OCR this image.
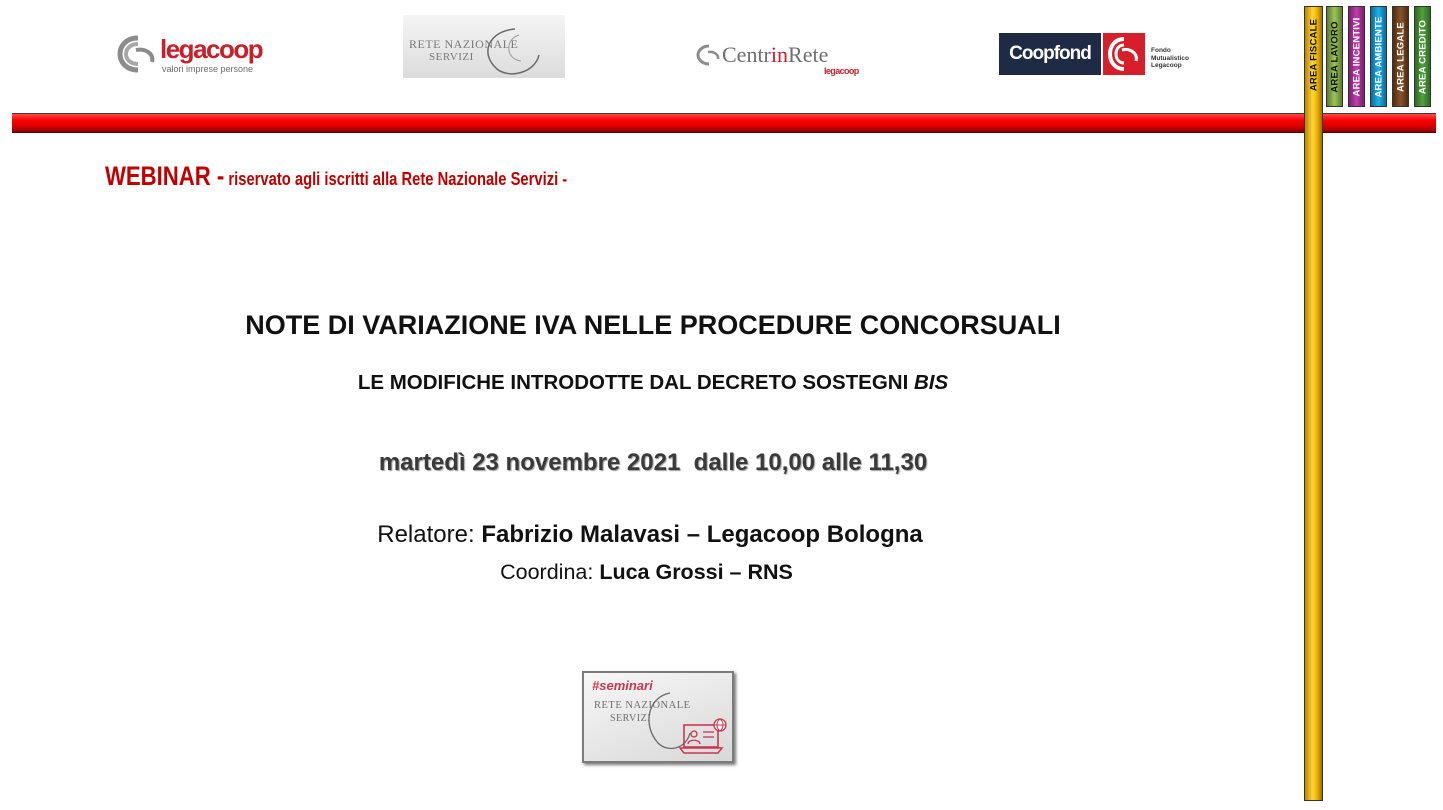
legacoop
valori imprese persone
RETE NAZIONALE
SERVIZI	CentrinRete
legacoop
Coopfond	Fondo
Mutualistico
Legacoop	AREA FISCALE AREA LAVORO AREA INCENTIVI AREA AMBIENTE AREA LEGALE AREA CREDITO
WEBINAR - riservato agli iscritti alla Rete Nazionale Servizi -
NOTE DI VARIAZIONE IVA NELLE PROCEDURE CONCORSUALI
LE MODIFICHE INTRODOTTE DAL DECRETO SOSTEGNI BIS
martedì 23 novembre 2021  dalle 10,00 alle 11,30
Relatore: Fabrizio Malavasi – Legacoop Bologna
Coordina: Luca Grossi – RNS
#seminari
RETE NAZIONALE
SERVIZI
